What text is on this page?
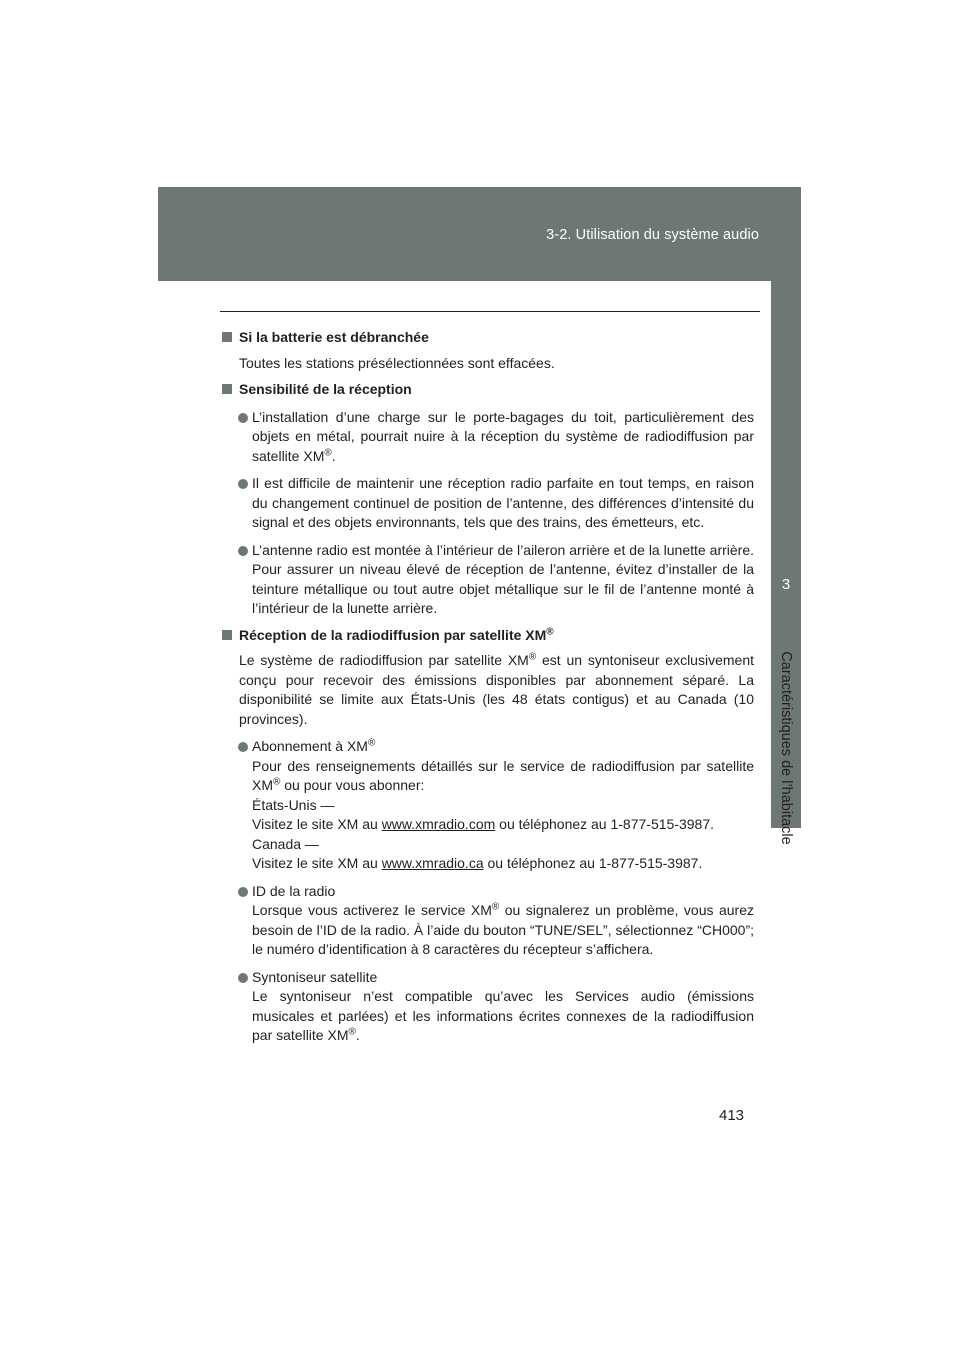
3-2. Utilisation du système audio
3
Caractéristiques de l’habitacle
Si la batterie est débranchée
Toutes les stations présélectionnées sont effacées.
Sensibilité de la réception
L’installation d’une charge sur le porte-bagages du toit, particulièrement des objets en métal, pourrait nuire à la réception du système de radiodiffusion par satellite XM®.
Il est difficile de maintenir une réception radio parfaite en tout temps, en raison du changement continuel de position de l’antenne, des différences d’intensité du signal et des objets environnants, tels que des trains, des émetteurs, etc.
L’antenne radio est montée à l’intérieur de l’aileron arrière et de la lunette arrière. Pour assurer un niveau élevé de réception de l’antenne, évitez d’installer de la teinture métallique ou tout autre objet métallique sur le fil de l’antenne monté à l’intérieur de la lunette arrière.
Réception de la radiodiffusion par satellite XM®
Le système de radiodiffusion par satellite XM® est un syntoniseur exclusivement conçu pour recevoir des émissions disponibles par abonnement séparé. La disponibilité se limite aux États-Unis (les 48 états contigus) et au Canada (10 provinces).
Abonnement à XM®
Pour des renseignements détaillés sur le service de radiodiffusion par satellite XM® ou pour vous abonner:
États-Unis —
Visitez le site XM au www.xmradio.com ou téléphonez au 1-877-515-3987.
Canada —
Visitez le site XM au www.xmradio.ca ou téléphonez au 1-877-515-3987.
ID de la radio
Lorsque vous activerez le service XM® ou signalerez un problème, vous aurez besoin de l’ID de la radio. À l’aide du bouton “TUNE/SEL”, sélectionnez “CH000”; le numéro d’identification à 8 caractères du récepteur s’affichera.
Syntoniseur satellite
Le syntoniseur n’est compatible qu’avec les Services audio (émissions musicales et parlées) et les informations écrites connexes de la radiodiffusion par satellite XM®.
413
